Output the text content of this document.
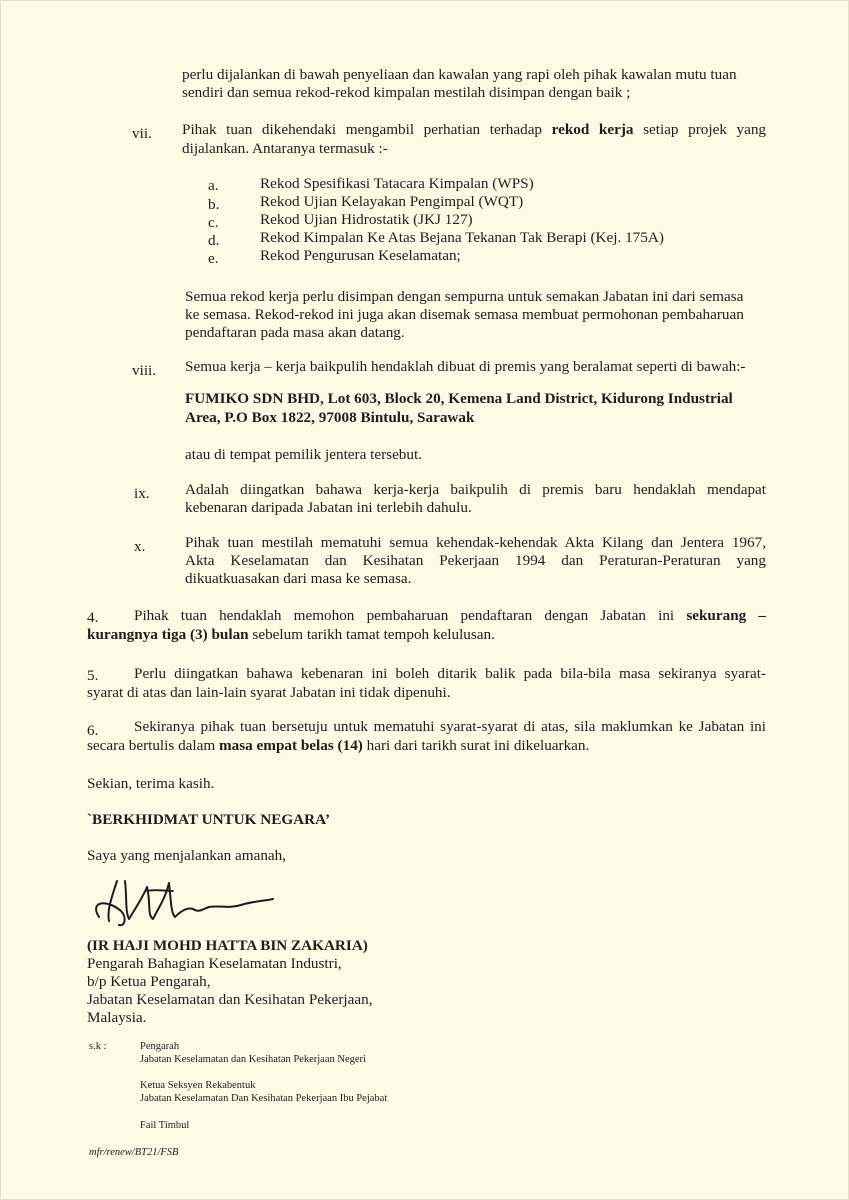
perlu dijalankan di bawah penyeliaan dan kawalan yang rapi oleh pihak kawalan mutu tuan
sendiri dan semua rekod-rekod kimpalan mestilah disimpan dengan baik ;
vii. Pihak tuan dikehendaki mengambil perhatian terhadap rekod kerja setiap projek yang
dijalankan. Antaranya termasuk :-
a.	Rekod Spesifikasi Tatacara Kimpalan (WPS)
b.	Rekod Ujian Kelayakan Pengimpal (WQT)
c.	Rekod Ujian Hidrostatik (JKJ 127)
d.	Rekod Kimpalan Ke Atas Bejana Tekanan Tak Berapi (Kej. 175A)
e.	Rekod Pengurusan Keselamatan;
Semua rekod kerja perlu disimpan dengan sempurna untuk semakan Jabatan ini dari semasa
ke semasa. Rekod-rekod ini juga akan disemak semasa membuat permohonan pembaharuan
pendaftaran pada masa akan datang.
viii. Semua kerja – kerja baikpulih hendaklah dibuat di premis yang beralamat seperti di bawah:-
FUMIKO SDN BHD, Lot 603, Block 20, Kemena Land District, Kidurong Industrial
Area, P.O Box 1822, 97008 Bintulu, Sarawak
atau di tempat pemilik jentera tersebut.
ix. Adalah diingatkan bahawa kerja-kerja baikpulih di premis baru hendaklah mendapat
kebenaran daripada Jabatan ini terlebih dahulu.
x.	Pihak tuan mestilah mematuhi semua kehendak-kehendak Akta Kilang dan Jentera 1967,
Akta Keselamatan dan Kesihatan Pekerjaan 1994 dan Peraturan-Peraturan yang
dikuatkuasakan dari masa ke semasa.
4. Pihak tuan hendaklah memohon pembaharuan pendaftaran dengan Jabatan ini sekurang –
kurangnya tiga (3) bulan sebelum tarikh tamat tempoh kelulusan.
5. Perlu diingatkan bahawa kebenaran ini boleh ditarik balik pada bila-bila masa sekiranya syarat-
syarat di atas dan lain-lain syarat Jabatan ini tidak dipenuhi.
6. Sekiranya pihak tuan bersetuju untuk mematuhi syarat-syarat di atas, sila maklumkan ke Jabatan ini
secara bertulis dalam masa empat belas (14) hari dari tarikh surat ini dikeluarkan.
Sekian, terima kasih.
`BERKHIDMAT UNTUK NEGARA’
Saya yang menjalankan amanah,
(IR HAJI MOHD HATTA BIN ZAKARIA)
Pengarah Bahagian Keselamatan Industri,
b/p Ketua Pengarah,
Jabatan Keselamatan dan Kesihatan Pekerjaan,
Malaysia.
s.k :	Pengarah
Jabatan Keselamatan dan Kesihatan Pekerjaan Negeri
Ketua Seksyen Rekabentuk
Jabatan Keselamatan Dan Kesihatan Pekerjaan Ibu Pejabat
Fail Timbul
mfr/renew/BT21/FSB
